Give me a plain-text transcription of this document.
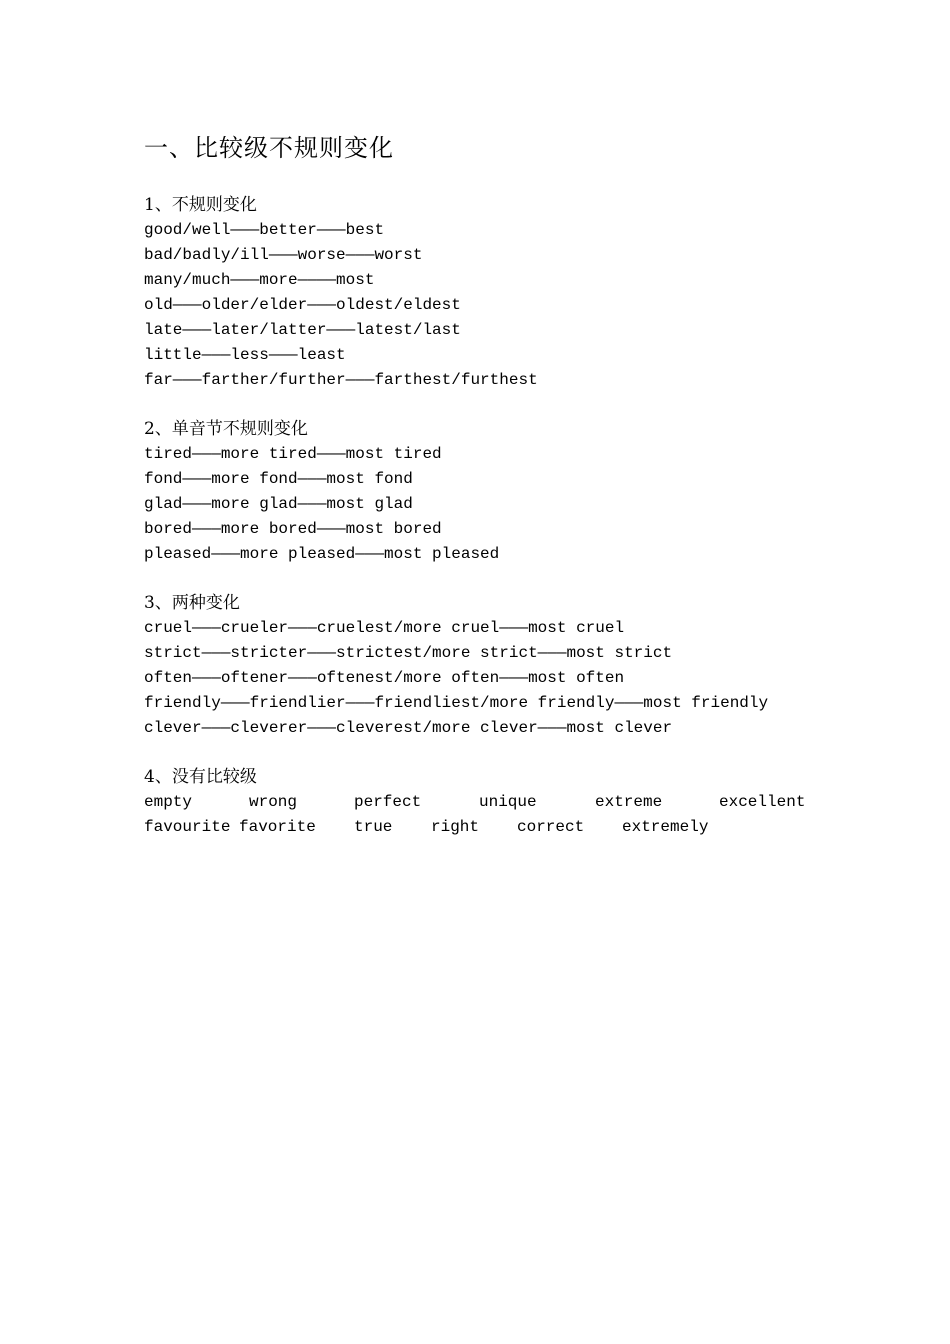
一、比较级不规则变化
1、不规则变化
good/well———better———best
bad/badly/ill———worse———worst
many/much———more————most
old———older/elder———oldest/eldest
late———later/latter———latest/last
little———less———least
far———farther/further———farthest/furthest
2、单音节不规则变化
tired———more tired———most tired
fond———more fond———most fond
glad———more glad———most glad
bored———more bored———most bored
pleased———more pleased———most pleased
3、两种变化
cruel———crueler———cruelest/more cruel———most cruel
strict———stricter———strictest/more strict———most strict
often———oftener———oftenest/more often———most often
friendly———friendlier———friendliest/more friendly———most friendly
clever———cleverer———cleverest/more clever———most clever
4、没有比较级
empty	wrong	perfect	unique	extreme	excellent
favourite favorite true right correct extremely
